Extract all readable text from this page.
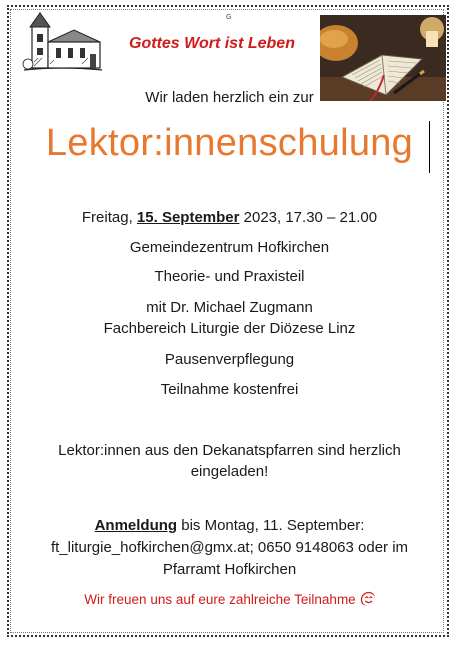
G
Gottes Wort ist Leben
Wir laden herzlich ein zur
Lektor:innenschulung
Freitag, 15. September 2023, 17.30 – 21.00
Gemeindezentrum Hofkirchen
Theorie- und Praxisteil
mit Dr. Michael Zugmann
Fachbereich Liturgie der Diözese Linz
Pausenverpflegung
Teilnahme kostenfrei
Lektor:innen aus den Dekanatspfarren sind herzlich
eingeladen!
Anmeldung bis Montag, 11. September:
ft_liturgie_hofkirchen@gmx.at; 0650 9148063 oder im
Pfarramt Hofkirchen
Wir freuen uns auf eure zahlreiche Teilnahme
